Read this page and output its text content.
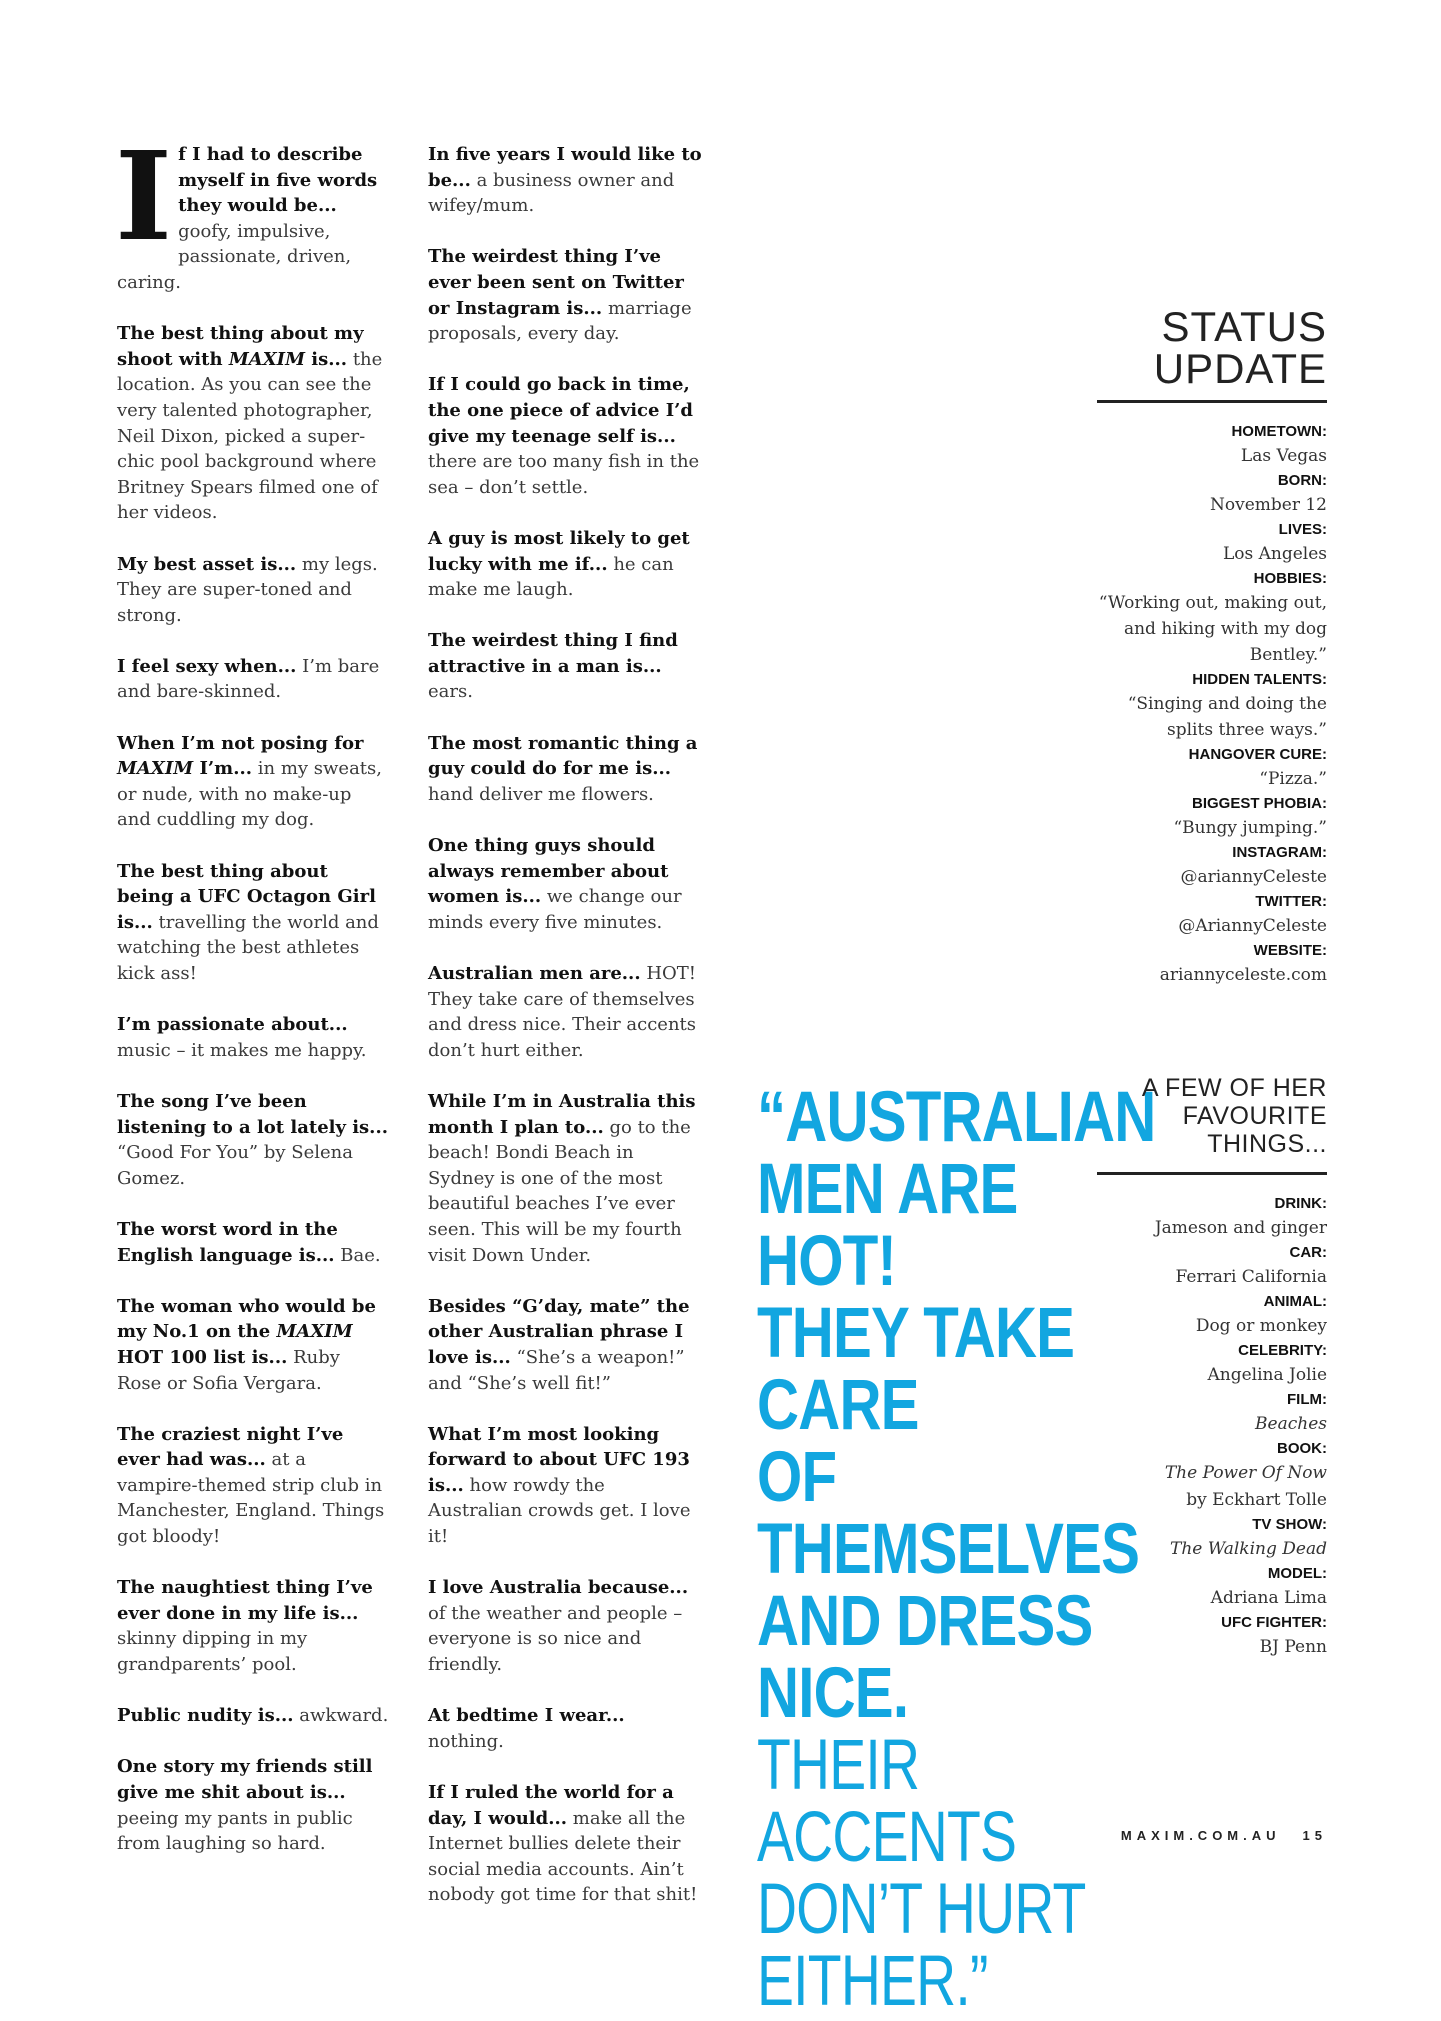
I f I had to describe myself in five words they would be... goofy, impulsive, passionate, driven, caring.
The best thing about my shoot with MAXIM is... the location. As you can see the very talented photographer, Neil Dixon, picked a super-chic pool background where Britney Spears filmed one of her videos.
My best asset is... my legs. They are super-toned and strong.
I feel sexy when... I’m bare and bare-skinned.
When I’m not posing for MAXIM I’m... in my sweats, or nude, with no make-up and cuddling my dog.
The best thing about being a UFC Octagon Girl is... travelling the world and watching the best athletes kick ass!
I’m passionate about... music – it makes me happy.
The song I’ve been listening to a lot lately is... “Good For You” by Selena Gomez.
The worst word in the English language is... Bae.
The woman who would be my No.1 on the MAXIM HOT 100 list is... Ruby Rose or Sofia Vergara.
The craziest night I’ve ever had was... at a vampire-themed strip club in Manchester, England. Things got bloody!
The naughtiest thing I’ve ever done in my life is... skinny dipping in my grandparents’ pool.
Public nudity is... awkward.
One story my friends still give me shit about is... peeing my pants in public from laughing so hard.
In five years I would like to be... a business owner and wifey/mum.
The weirdest thing I’ve ever been sent on Twitter or Instagram is... marriage proposals, every day.
If I could go back in time, the one piece of advice I’d give my teenage self is... there are too many fish in the sea – don’t settle.
A guy is most likely to get lucky with me if... he can make me laugh.
The weirdest thing I find attractive in a man is... ears.
The most romantic thing a guy could do for me is... hand deliver me flowers.
One thing guys should always remember about women is... we change our minds every five minutes.
Australian men are... HOT! They take care of themselves and dress nice. Their accents don’t hurt either.
While I’m in Australia this month I plan to... go to the beach! Bondi Beach in Sydney is one of the most beautiful beaches I’ve ever seen. This will be my fourth visit Down Under.
Besides “G’day, mate” the other Australian phrase I love is... “She’s a weapon!” and “She’s well fit!”
What I’m most looking forward to about UFC 193 is... how rowdy the Australian crowds get. I love it!
I love Australia because... of the weather and people – everyone is so nice and friendly.
At bedtime I wear... nothing.
If I ruled the world for a day, I would... make all the Internet bullies delete their social media accounts. Ain’t nobody got time for that shit!
“AUSTRALIAN
MEN ARE HOT!
THEY TAKE CARE
OF THEMSELVES
AND DRESS NICE.
THEIR ACCENTS
DON’T HURT
EITHER.”
STATUS
UPDATE
HOMETOWN:
Las Vegas
BORN:
November 12
LIVES:
Los Angeles
HOBBIES:
“Working out, making out, and hiking with my dog Bentley.”
HIDDEN TALENTS:
“Singing and doing the splits three ways.”
HANGOVER CURE:
“Pizza.”
BIGGEST PHOBIA:
“Bungy jumping.”
INSTAGRAM:
@ariannyCeleste
TWITTER:
@AriannyCeleste
WEBSITE:
ariannyceleste.com
A FEW OF HER
FAVOURITE
THINGS...
DRINK:
Jameson and ginger
CAR:
Ferrari California
ANIMAL:
Dog or monkey
CELEBRITY:
Angelina Jolie
FILM:
Beaches
BOOK:
The Power Of Now
by Eckhart Tolle
TV SHOW:
The Walking Dead
MODEL:
Adriana Lima
UFC FIGHTER:
BJ Penn
MAXIM.COM.AU 15
